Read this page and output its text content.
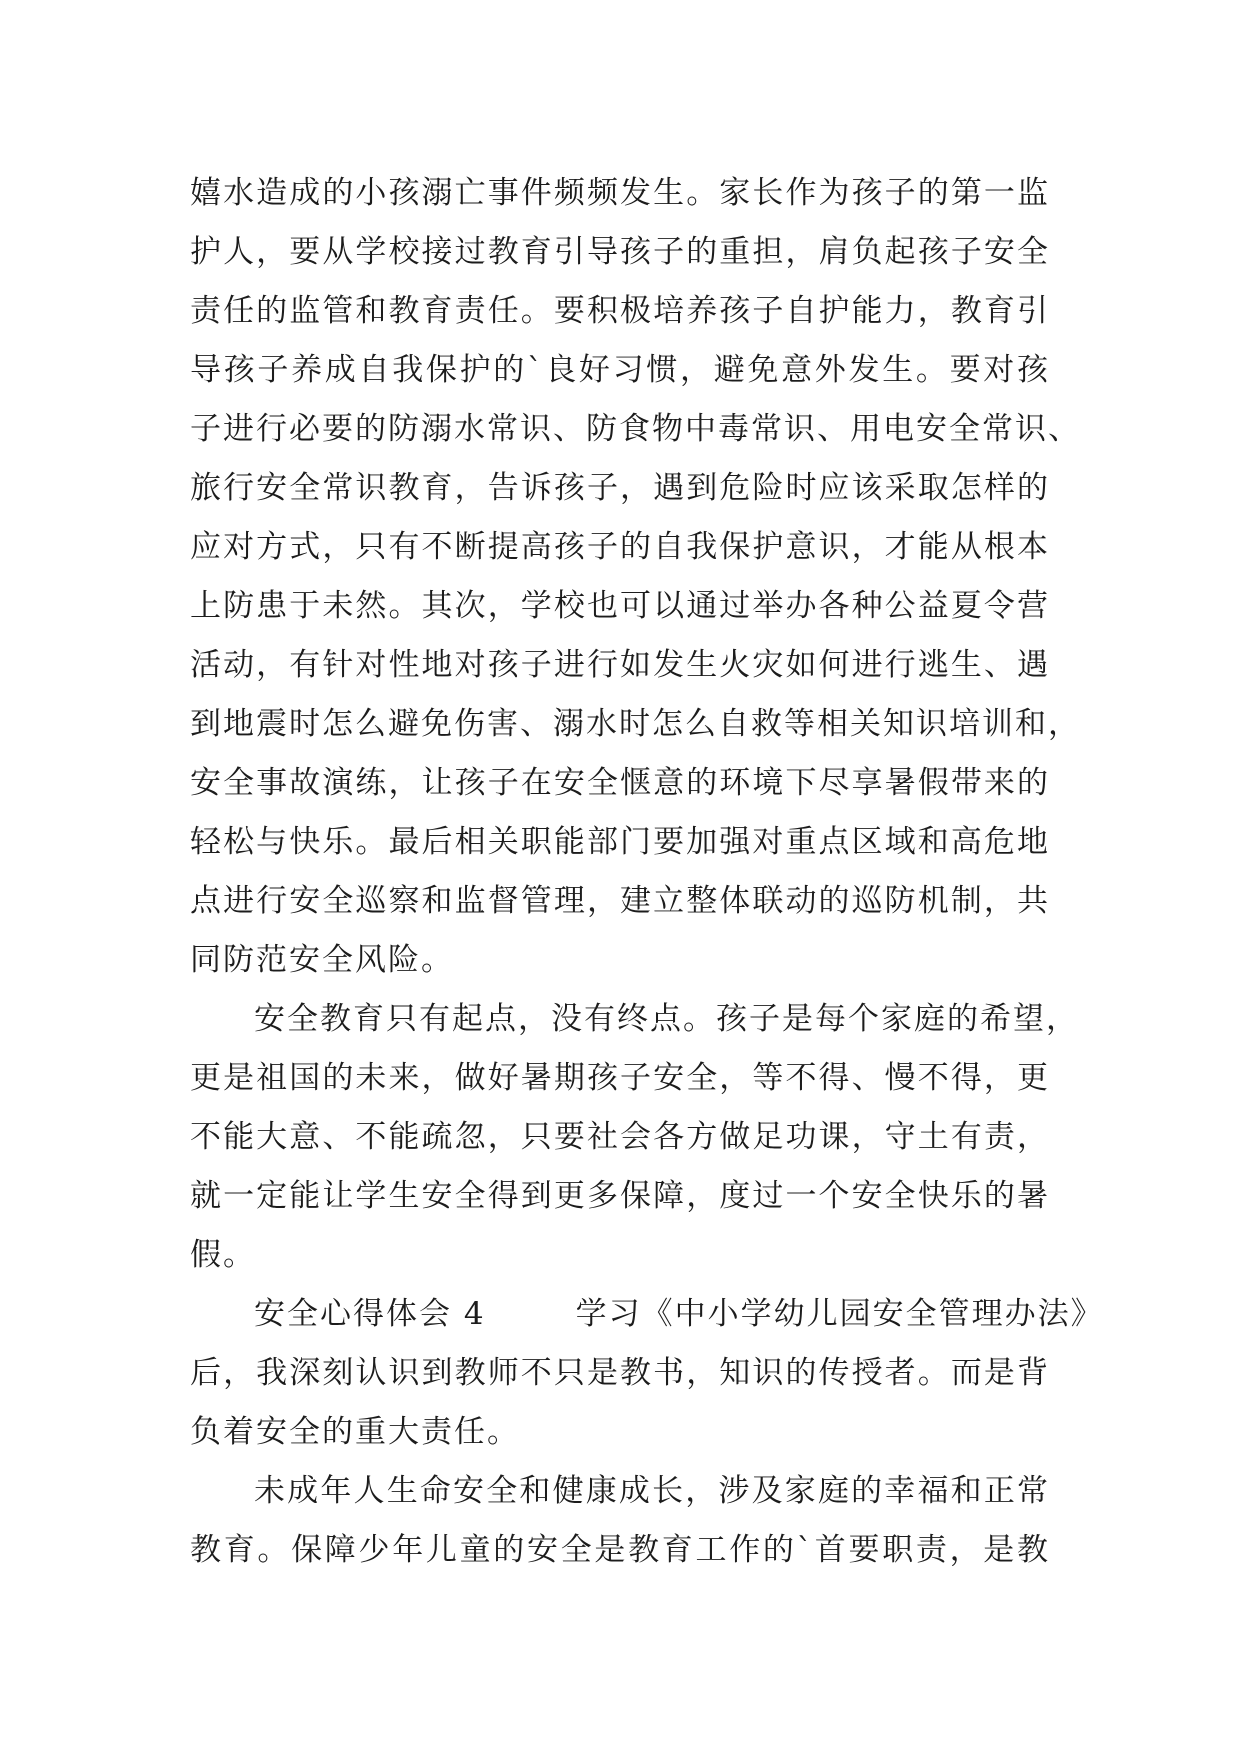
嬉水造成的小孩溺亡事件频频发生。家长作为孩子的第一监
护人，要从学校接过教育引导孩子的重担，肩负起孩子安全
责任的监管和教育责任。要积极培养孩子自护能力，教育引
导孩子养成自我保护的`良好习惯，避免意外发生。要对孩
子进行必要的防溺水常识、防食物中毒常识、用电安全常识、
旅行安全常识教育，告诉孩子，遇到危险时应该采取怎样的
应对方式，只有不断提高孩子的自我保护意识，才能从根本
上防患于未然。其次，学校也可以通过举办各种公益夏令营
活动，有针对性地对孩子进行如发生火灾如何进行逃生、遇
到地震时怎么避免伤害、溺水时怎么自救等相关知识培训和，
安全事故演练，让孩子在安全惬意的环境下尽享暑假带来的
轻松与快乐。最后相关职能部门要加强对重点区域和高危地
点进行安全巡察和监督管理，建立整体联动的巡防机制，共
同防范安全风险。

安全教育只有起点，没有终点。孩子是每个家庭的希望，
更是祖国的未来，做好暑期孩子安全，等不得、慢不得，更
不能大意、不能疏忽，只要社会各方做足功课，守土有责，
就一定能让学生安全得到更多保障，度过一个安全快乐的暑
假。

安全心得体会 4	学习《中小学幼儿园安全管理办法》
后，我深刻认识到教师不只是教书，知识的传授者。而是背
负着安全的重大责任。

未成年人生命安全和健康成长，涉及家庭的幸福和正常
教育。保障少年儿童的安全是教育工作的`首要职责，是教
